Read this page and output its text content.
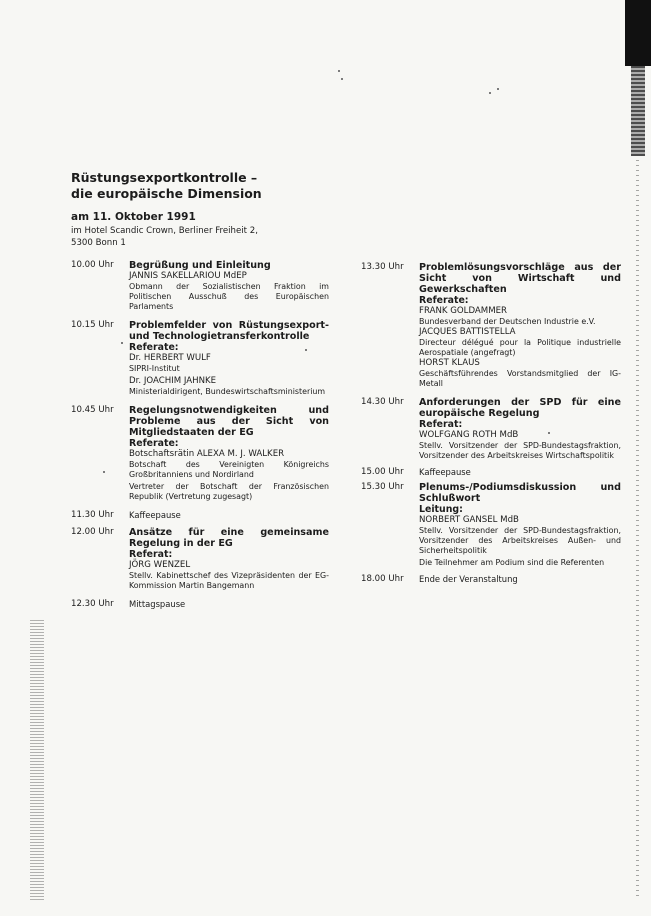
Rüstungsexportkontrolle –
die europäische Dimension
am 11. Oktober 1991
im Hotel Scandic Crown, Berliner Freiheit 2,
5300 Bonn 1
10.00 Uhr	Begrüßung und Einleitung
JANNIS SAKELLARIOU MdEP
Obmann der Sozialistischen Fraktion im Politischen Ausschuß des Europäischen Parlaments
10.15 Uhr	Problemfelder von Rüstungsexport- und Technologietransferkontrolle
Referate:
Dr. HERBERT WULF
SIPRI-Institut
Dr. JOACHIM JAHNKE
Ministerialdirigent, Bundeswirtschaftsministerium
10.45 Uhr	Regelungsnotwendigkeiten und Probleme aus der Sicht von Mitgliedstaaten der EG
Referate:
Botschaftsrätin ALEXA M. J. WALKER
Botschaft des Vereinigten Königreichs Großbritanniens und Nordirland
Vertreter der Botschaft der Französischen Republik (Vertretung zugesagt)
11.30 Uhr	Kaffeepause
12.00 Uhr	Ansätze für eine gemeinsame Regelung in der EG
Referat:
JÖRG WENZEL
Stellv. Kabinettschef des Vizepräsidenten der EG-Kommission Martin Bangemann
12.30 Uhr	Mittagspause
13.30 Uhr	Problemlösungsvorschläge aus der Sicht von Wirtschaft und Gewerkschaften
Referate:
FRANK GOLDAMMER
Bundesverband der Deutschen Industrie e.V.
JACQUES BATTISTELLA
Directeur délégué pour la Politique industrielle Aerospatiale (angefragt)
HORST KLAUS
Geschäftsführendes Vorstandsmitglied der IG-Metall
14.30 Uhr	Anforderungen der SPD für eine europäische Regelung
Referat:
WOLFGANG ROTH MdB
Stellv. Vorsitzender der SPD-Bundestagsfraktion, Vorsitzender des Arbeitskreises Wirtschaftspolitik
15.00 Uhr	Kaffeepause
15.30 Uhr	Plenums-/Podiumsdiskussion und Schlußwort
Leitung:
NORBERT GANSEL MdB
Stellv. Vorsitzender der SPD-Bundestagsfraktion, Vorsitzender des Arbeitskreises Außen- und Sicherheitspolitik
Die Teilnehmer am Podium sind die Referenten
18.00 Uhr	Ende der Veranstaltung
